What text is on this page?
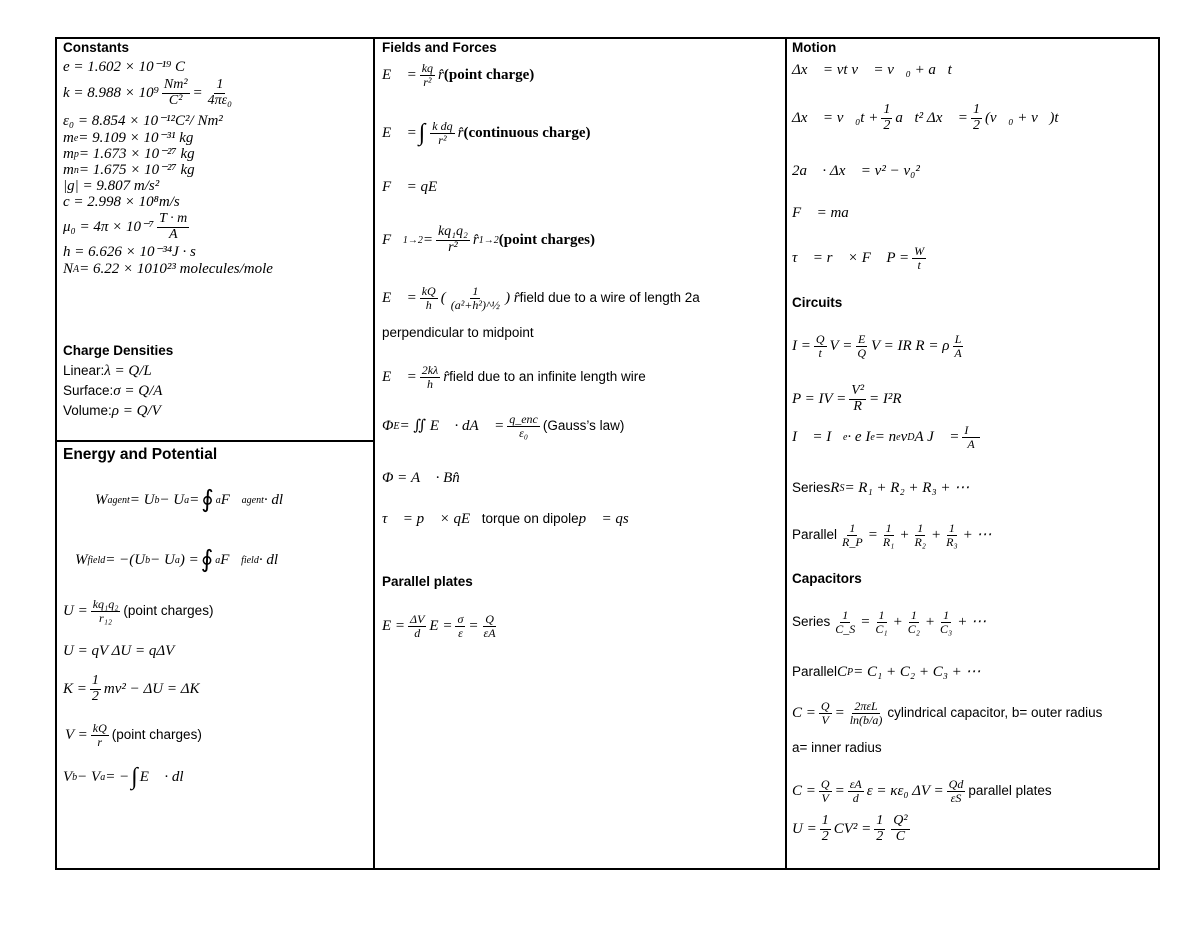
Constants
e = 1.602 × 10⁻¹⁹ C
$k = 8.988 \times 10^9 \frac{\text{Nm²}}{\text{C²}} = \frac{1}{\text{4πε₀}}$
ε₀ = 8.854 × 10⁻¹²C²/ Nm²
m e = 9.109 × 10⁻³¹ kg
m p = 1.673 × 10⁻²⁷ kg
m n = 1.675 × 10⁻²⁷ kg
|g| = 9.807 m/s²
c = 2.998 × 10⁸m/s
$\mu_0 = 4\pi \times 10^{-7} \frac{T \cdot m}{A}$
h = 6.626 × 10⁻³⁴J · s
N A = 6.22 × 1010²³ molecules/mole
Charge Densities
Linear: λ = Q/L
Surface: σ = Q/A
Volume: ρ = Q/V
Energy and Potential
W agent = U b − U a = ∮ a F⃗ agent · dl⃗
W field = −(U b − U a ) = ∮ a F⃗ field · dl⃗
$U = \frac{\text{kq₁q₂}}{\text{r₁₂}}$ (point charges)
U = qV ΔU = qΔV
$K = \frac{1}{2} mv^2 - \Delta U = \Delta K$
$V = \frac{kQ}{r}$ (point charges)
V b − V a = − ∫ E⃗ · dl⃗
Fields and Forces
E⃗ = $\frac{kq}{\text{r²}}$ r̂ (point charge)
E⃗ = ∫ $\frac{\text{k dq}}{\text{r²}}$ r̂ (continuous charge)
F⃗ = qE⃗
F⃗ $1\to 2 = \frac{\text{kq₁q₂}}{\text{r²}}$ r̂ 1→2 (point charges)
E⃗ = $\frac{kQ}{h}$ ( $\frac{1}{\text{(a²+h²)\textasciicircum{}½}}$ ) r̂ field due to a wire of length 2a
perpendicular to midpoint
E⃗ = $\frac{2k\lambda}{h}$ r̂ field due to an infinite length wire
Φ E = ∬ E⃗ · dA⃗ = q_enc
ε₀ (Gauss’s law)
Φ = A⃗ · Bn̂
τ⃗ = p⃗ × qE⃗ torque on dipole p⃗ = qs⃗
Parallel plates
$E = \frac{\Delta V}{d}$ $E = \frac{\sigma}{\varepsilon} = \frac{Q}{\varepsilon A}$
Motion
Δx⃗ = vt v⃗ = v⃗₀ + a⃗t
Δx⃗ = v⃗₀t + $\frac{1}{2}$ a⃗t² Δx⃗ = $\frac{1}{2}$ (v⃗₀ + v⃗)t
2a⃗ · Δx⃗ = v² − v₀²
F⃗ = ma⃗
τ⃗ = r⃗ × F⃗ $P = \frac{W}{t}$
Circuits
$I = \frac{Q}{t}$ $V = \frac{E}{Q}$ V = IR R = ρ $\frac{L}{A}$
P = IV = $\frac{\text{V²}}{R} = I^2R$
I⃗ = I⃗ e · e I e = n e v D A J⃗ = $\frac{I⃗}{A}$
Series R S = R₁ + R₂ + R₃ + ⋯
Parallel $\frac{1}{R\_P} = \frac{1}{\text{R₁}} + \frac{1}{\text{R₂}} + \frac{1}{\text{R₃}}$ + ⋯
Capacitors
Series $\frac{1}{C\_S} = \frac{1}{\text{C₁}} + \frac{1}{\text{C₂}} + \frac{1}{\text{C₃}}$ + ⋯
Parallel C P = C₁ + C₂ + C₃ + ⋯
$C = \frac{Q}{V} = 2\pi\varepsilon L$
ln(b/a) cylindrical capacitor, b= outer radius
a= inner radius
$C = \frac{Q}{V} = \frac{\varepsilon A}{d}$ ε = κε₀ $\Delta V = \frac{Qd}{\varepsilon S}$ parallel plates
$U = \frac{1}{2} CV^2 = \frac{1}{2} \frac{\text{Q²}}{C}$
